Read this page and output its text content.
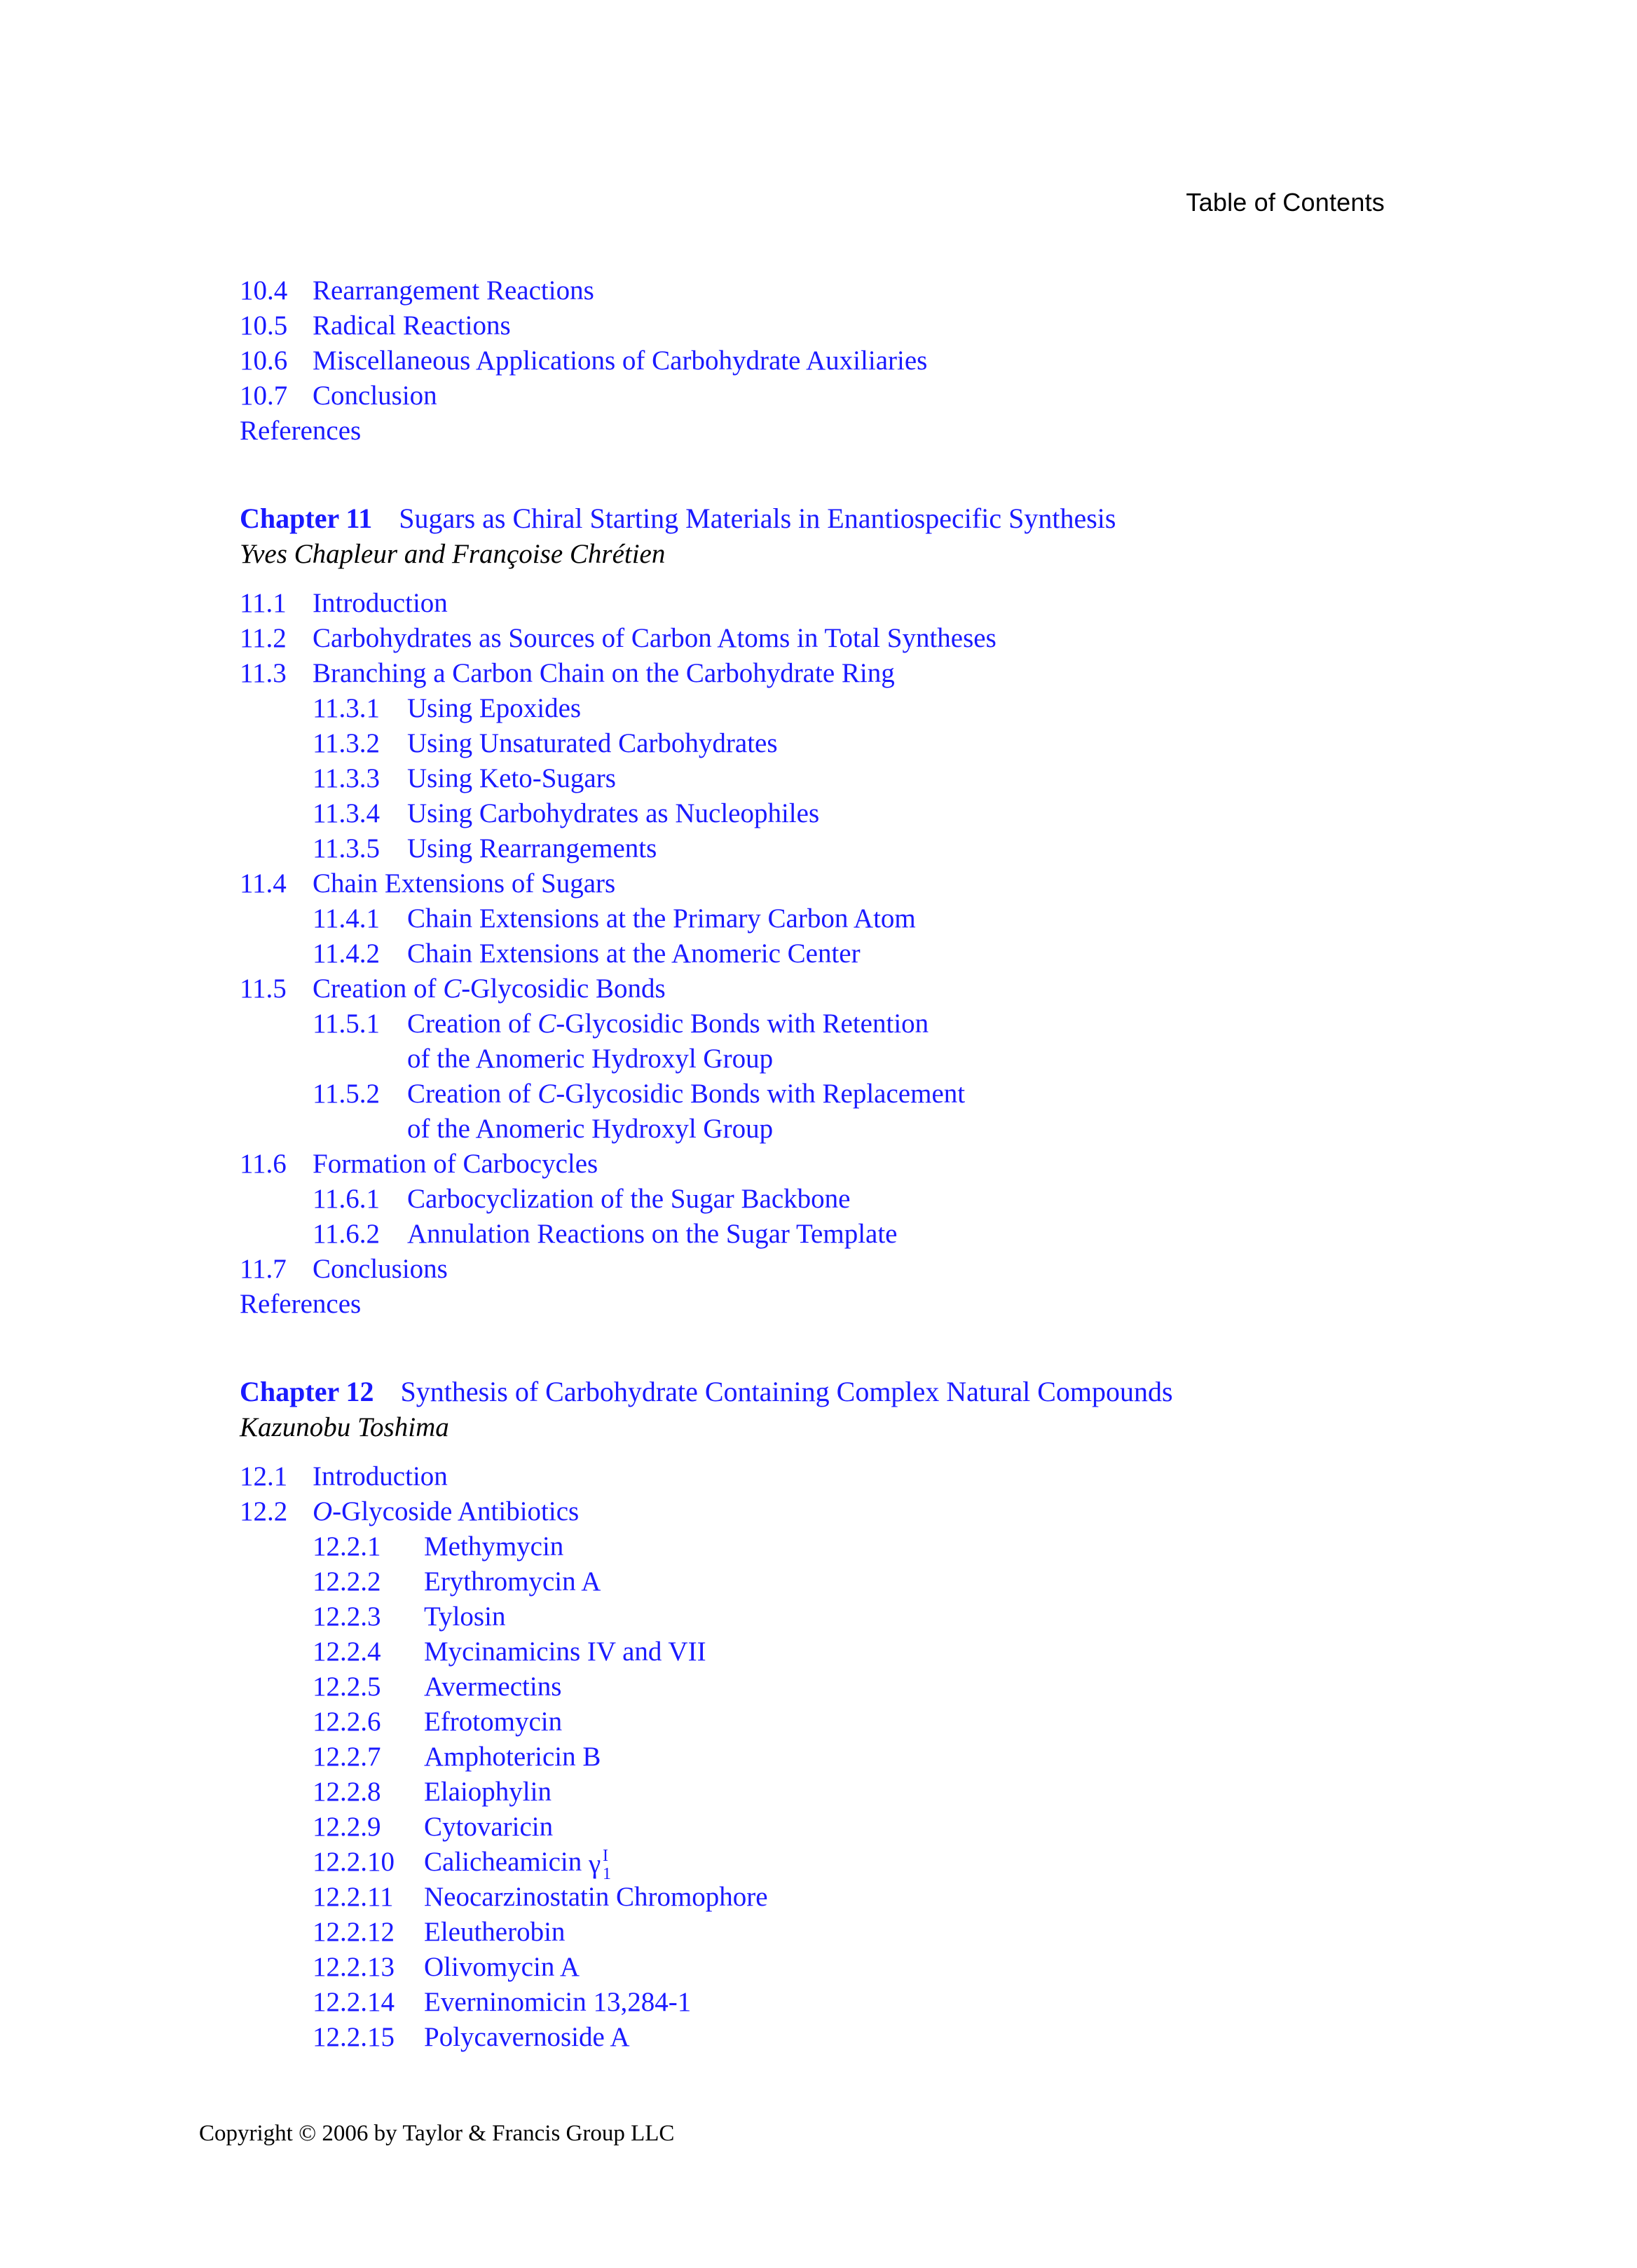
Table of Contents
10.4 Rearrangement Reactions
10.5 Radical Reactions
10.6 Miscellaneous Applications of Carbohydrate Auxiliaries
10.7 Conclusion
References
Chapter 11 Sugars as Chiral Starting Materials in Enantiospecific Synthesis
Yves Chapleur and Françoise Chrétien
11.1 Introduction
11.2 Carbohydrates as Sources of Carbon Atoms in Total Syntheses
11.3 Branching a Carbon Chain on the Carbohydrate Ring
11.3.1 Using Epoxides
11.3.2 Using Unsaturated Carbohydrates
11.3.3 Using Keto-Sugars
11.3.4 Using Carbohydrates as Nucleophiles
11.3.5 Using Rearrangements
11.4 Chain Extensions of Sugars
11.4.1 Chain Extensions at the Primary Carbon Atom
11.4.2 Chain Extensions at the Anomeric Center
11.5 Creation of C-Glycosidic Bonds
11.5.1 Creation of C-Glycosidic Bonds with Retention
of the Anomeric Hydroxyl Group
11.5.2 Creation of C-Glycosidic Bonds with Replacement
of the Anomeric Hydroxyl Group
11.6 Formation of Carbocycles
11.6.1 Carbocyclization of the Sugar Backbone
11.6.2 Annulation Reactions on the Sugar Template
11.7 Conclusions
References
Chapter 12 Synthesis of Carbohydrate Containing Complex Natural Compounds
Kazunobu Toshima
12.1 Introduction
12.2 O-Glycoside Antibiotics
12.2.1 Methymycin
12.2.2 Erythromycin A
12.2.3 Tylosin
12.2.4 Mycinamicins IV and VII
12.2.5 Avermectins
12.2.6 Efrotomycin
12.2.7 Amphotericin B
12.2.8 Elaiophylin
12.2.9 Cytovaricin
12.2.10 Calicheamicin γ I
1
12.2.11 Neocarzinostatin Chromophore
12.2.12 Eleutherobin
12.2.13 Olivomycin A
12.2.14 Everninomicin 13,284-1
12.2.15 Polycavernoside A
Copyright © 2006 by Taylor & Francis Group LLC
